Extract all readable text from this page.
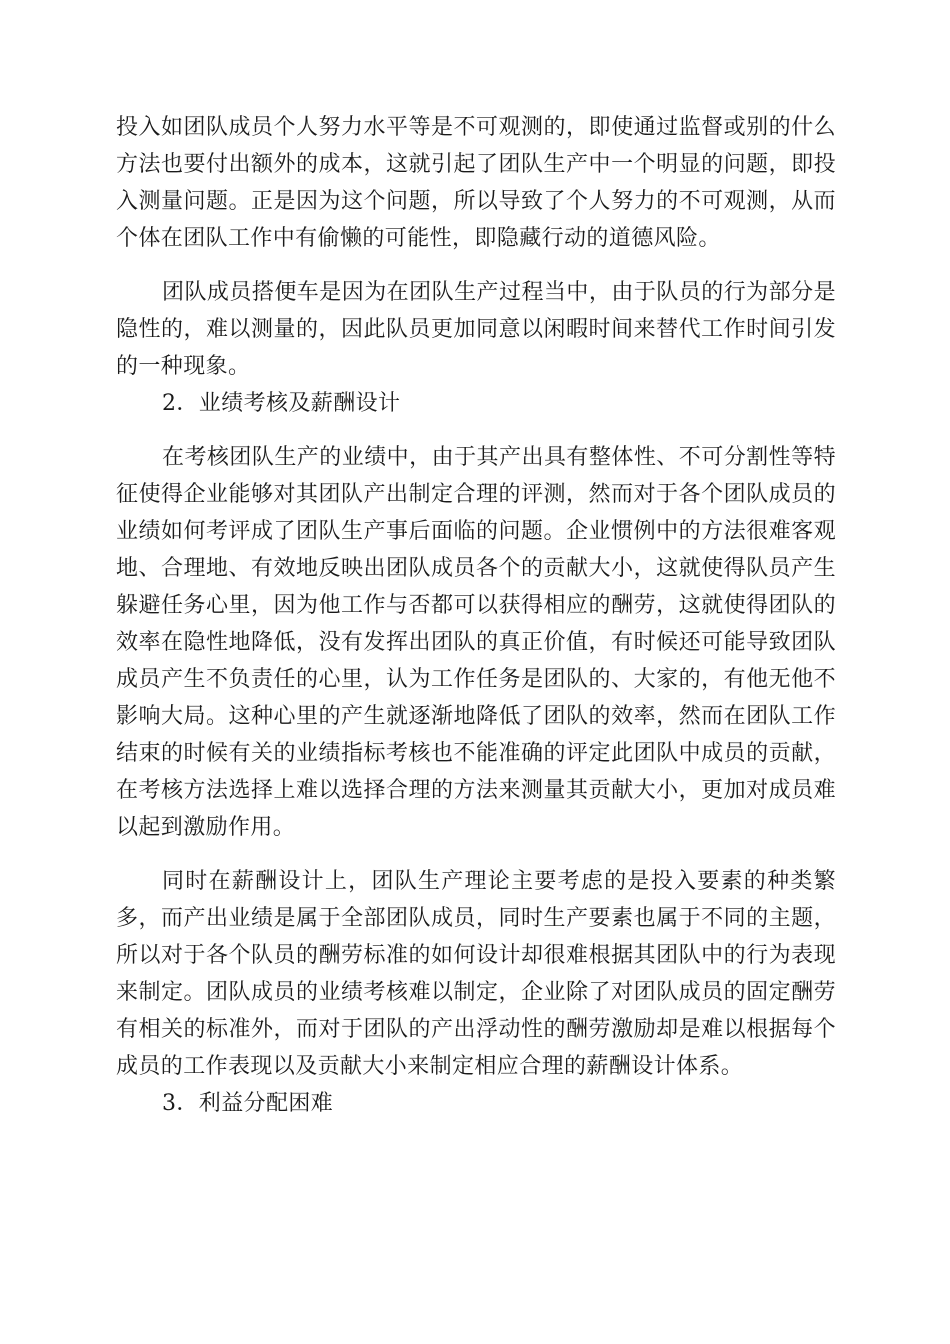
投入如团队成员个人努力水平等是不可观测的，即使通过监督或别的什么方法也要付出额外的成本，这就引起了团队生产中一个明显的问题，即投入测量问题。正是因为这个问题，所以导致了个人努力的不可观测，从而个体在团队工作中有偷懒的可能性，即隐藏行动的道德风险。

团队成员搭便车是因为在团队生产过程当中，由于队员的行为部分是隐性的，难以测量的，因此队员更加同意以闲暇时间来替代工作时间引发的一种现象。

2．业绩考核及薪酬设计

在考核团队生产的业绩中，由于其产出具有整体性、不可分割性等特征使得企业能够对其团队产出制定合理的评测，然而对于各个团队成员的业绩如何考评成了团队生产事后面临的问题。企业惯例中的方法很难客观地、合理地、有效地反映出团队成员各个的贡献大小，这就使得队员产生躲避任务心里，因为他工作与否都可以获得相应的酬劳，这就使得团队的效率在隐性地降低，没有发挥出团队的真正价值，有时候还可能导致团队成员产生不负责任的心里，认为工作任务是团队的、大家的，有他无他不影响大局。这种心里的产生就逐渐地降低了团队的效率，然而在团队工作结束的时候有关的业绩指标考核也不能准确的评定此团队中成员的贡献，在考核方法选择上难以选择合理的方法来测量其贡献大小，更加对成员难以起到激励作用。

同时在薪酬设计上，团队生产理论主要考虑的是投入要素的种类繁多，而产出业绩是属于全部团队成员，同时生产要素也属于不同的主题，所以对于各个队员的酬劳标准的如何设计却很难根据其团队中的行为表现来制定。团队成员的业绩考核难以制定，企业除了对团队成员的固定酬劳有相关的标准外，而对于团队的产出浮动性的酬劳激励却是难以根据每个成员的工作表现以及贡献大小来制定相应合理的薪酬设计体系。

3．利益分配困难
